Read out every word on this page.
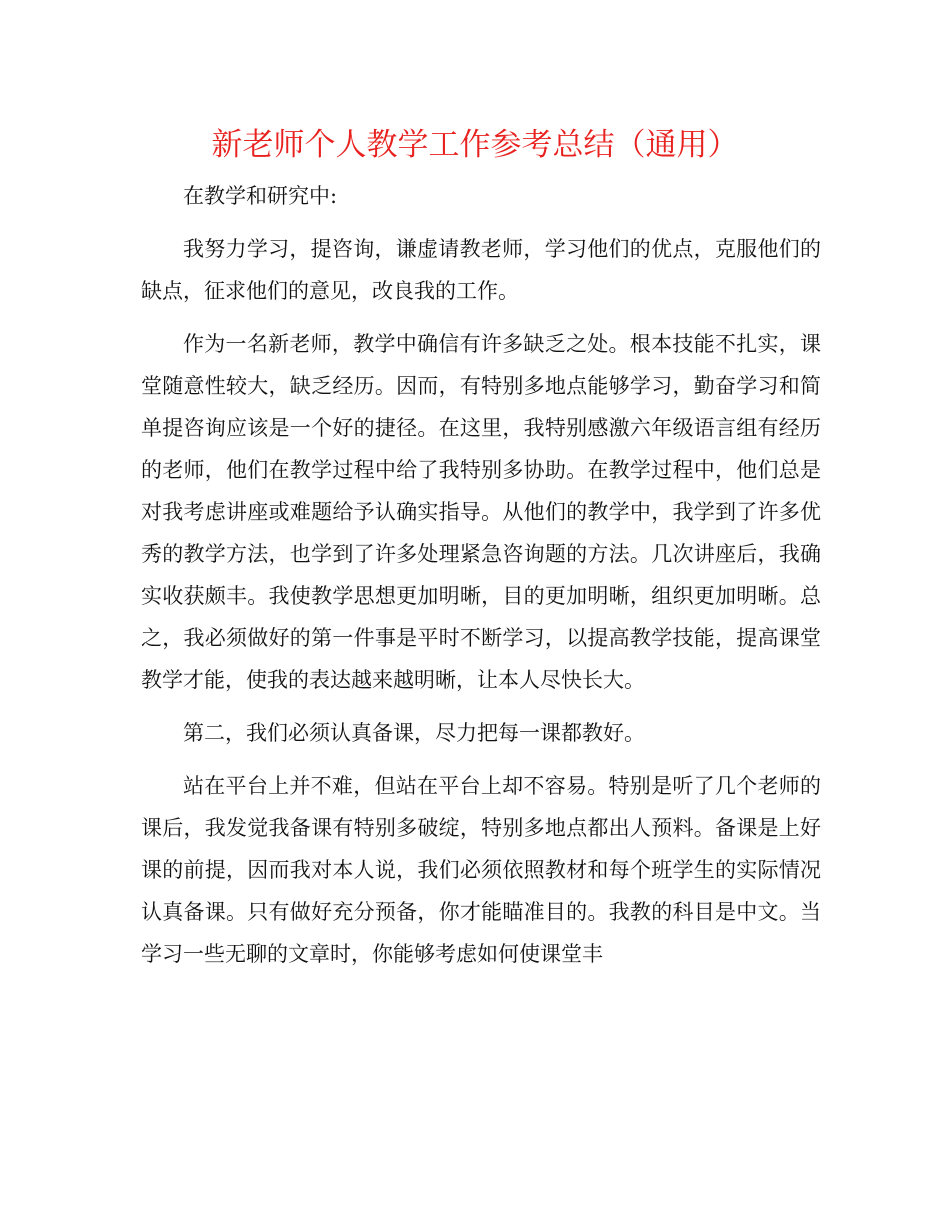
新老师个人教学工作参考总结（通用）

在教学和研究中:

我努力学习，提咨询，谦虚请教老师，学习他们的优点，克服他们的缺点，征求他们的意见，改良我的工作。

作为一名新老师，教学中确信有许多缺乏之处。根本技能不扎实，课堂随意性较大，缺乏经历。因而，有特别多地点能够学习，勤奋学习和简单提咨询应该是一个好的捷径。在这里，我特别感激六年级语言组有经历的老师，他们在教学过程中给了我特别多协助。在教学过程中，他们总是对我考虑讲座或难题给予认确实指导。从他们的教学中，我学到了许多优秀的教学方法，也学到了许多处理紧急咨询题的方法。几次讲座后，我确实收获颇丰。我使教学思想更加明晰，目的更加明晰，组织更加明晰。总之，我必须做好的第一件事是平时不断学习，以提高教学技能，提高课堂教学才能，使我的表达越来越明晰，让本人尽快长大。

第二，我们必须认真备课，尽力把每一课都教好。

站在平台上并不难，但站在平台上却不容易。特别是听了几个老师的课后，我发觉我备课有特别多破绽，特别多地点都出人预料。备课是上好课的前提，因而我对本人说，我们必须依照教材和每个班学生的实际情况认真备课。只有做好充分预备，你才能瞄准目的。我教的科目是中文。当学习一些无聊的文章时，你能够考虑如何使课堂丰
